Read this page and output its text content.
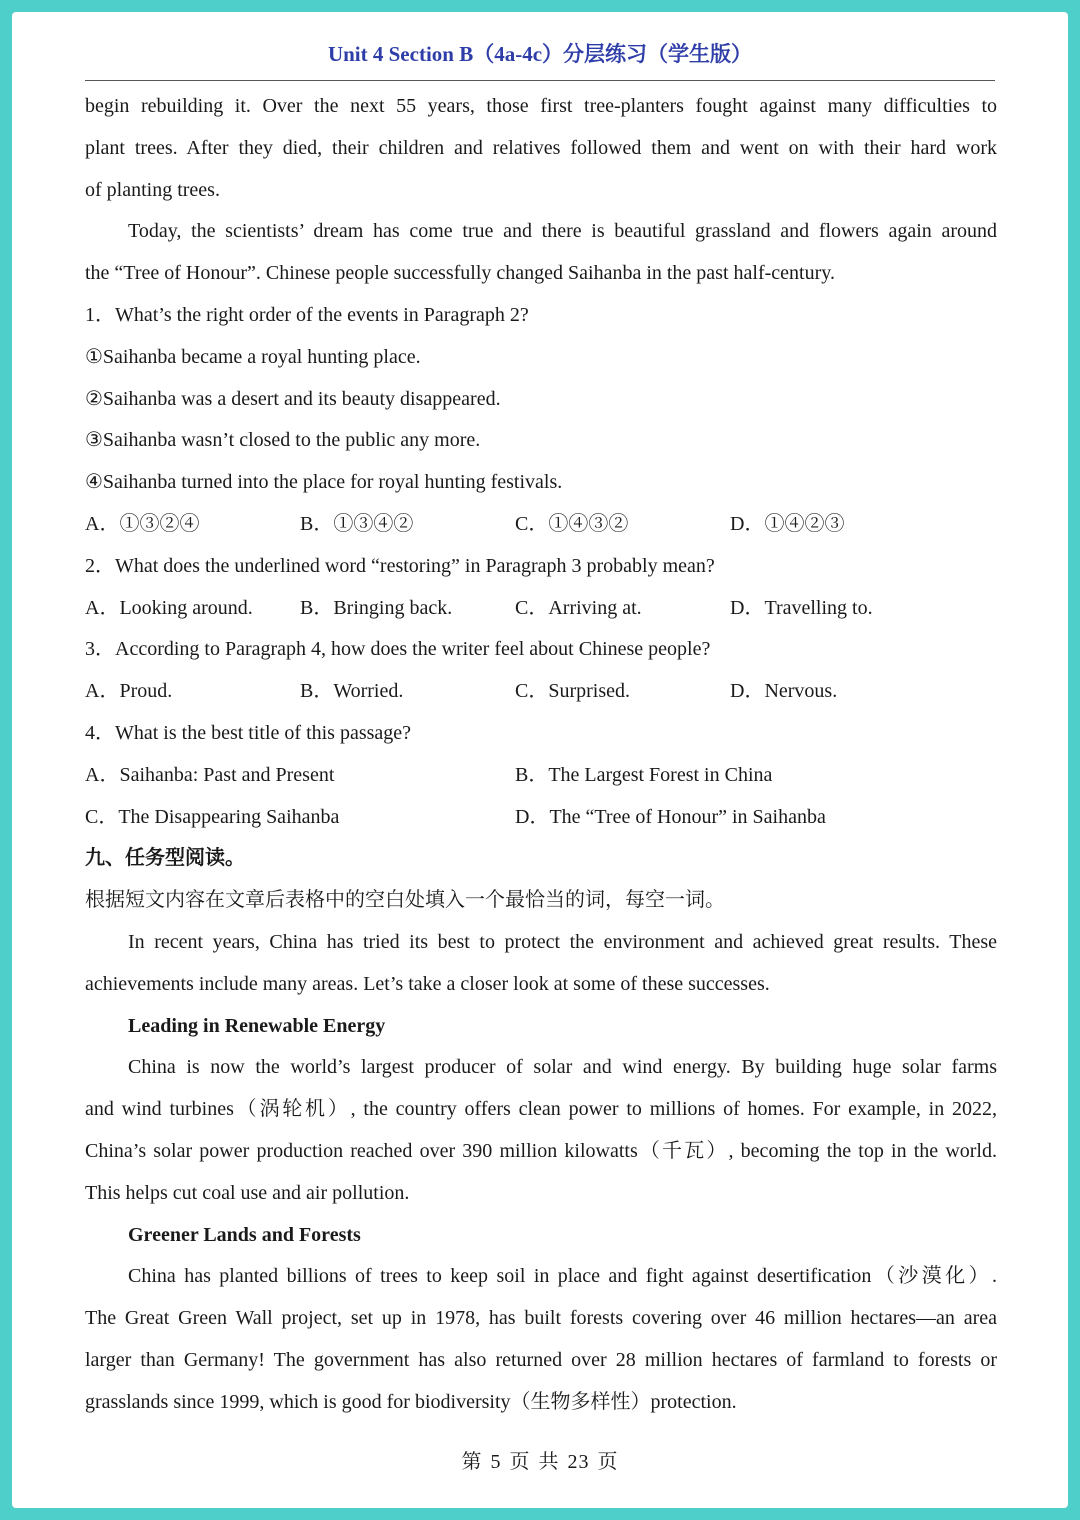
Unit 4 Section B（4a-4c）分层练习（学生版）
begin rebuilding it. Over the next 55 years, those first tree-planters fought against many difficulties to
plant trees. After they died, their children and relatives followed them and went on with their hard work
of planting trees.
Today, the scientists’ dream has come true and there is beautiful grassland and flowers again around
the “Tree of Honour”. Chinese people successfully changed Saihanba in the past half-century.
1．What’s the right order of the events in Paragraph 2?
①Saihanba became a royal hunting place.
②Saihanba was a desert and its beauty disappeared.
③Saihanba wasn’t closed to the public any more.
④Saihanba turned into the place for royal hunting festivals.
A．①③②④	B．①③④②	C．①④③②	D．①④②③
2．What does the underlined word “restoring” in Paragraph 3 probably mean?
A．Looking around.	B．Bringing back.	C．Arriving at.	D．Travelling to.
3．According to Paragraph 4, how does the writer feel about Chinese people?
A．Proud.	B．Worried.	C．Surprised.	D．Nervous.
4．What is the best title of this passage?
A．Saihanba: Past and Present	B．The Largest Forest in China
C．The Disappearing Saihanba	D．The “Tree of Honour” in Saihanba
九、任务型阅读。
根据短文内容在文章后表格中的空白处填入一个最恰当的词，每空一词。
In recent years, China has tried its best to protect the environment and achieved great results. These
achievements include many areas. Let’s take a closer look at some of these successes.
Leading in Renewable Energy
China is now the world’s largest producer of solar and wind energy. By building huge solar farms
and wind turbines（涡轮机）, the country offers clean power to millions of homes. For example, in 2022,
China’s solar power production reached over 390 million kilowatts（千瓦）, becoming the top in the world.
This helps cut coal use and air pollution.
Greener Lands and Forests
China has planted billions of trees to keep soil in place and fight against desertification（沙漠化）.
The Great Green Wall project, set up in 1978, has built forests covering over 46 million hectares—an area
larger than Germany! The government has also returned over 28 million hectares of farmland to forests or
grasslands since 1999, which is good for biodiversity（生物多样性）protection.
第 5 页 共 23 页
